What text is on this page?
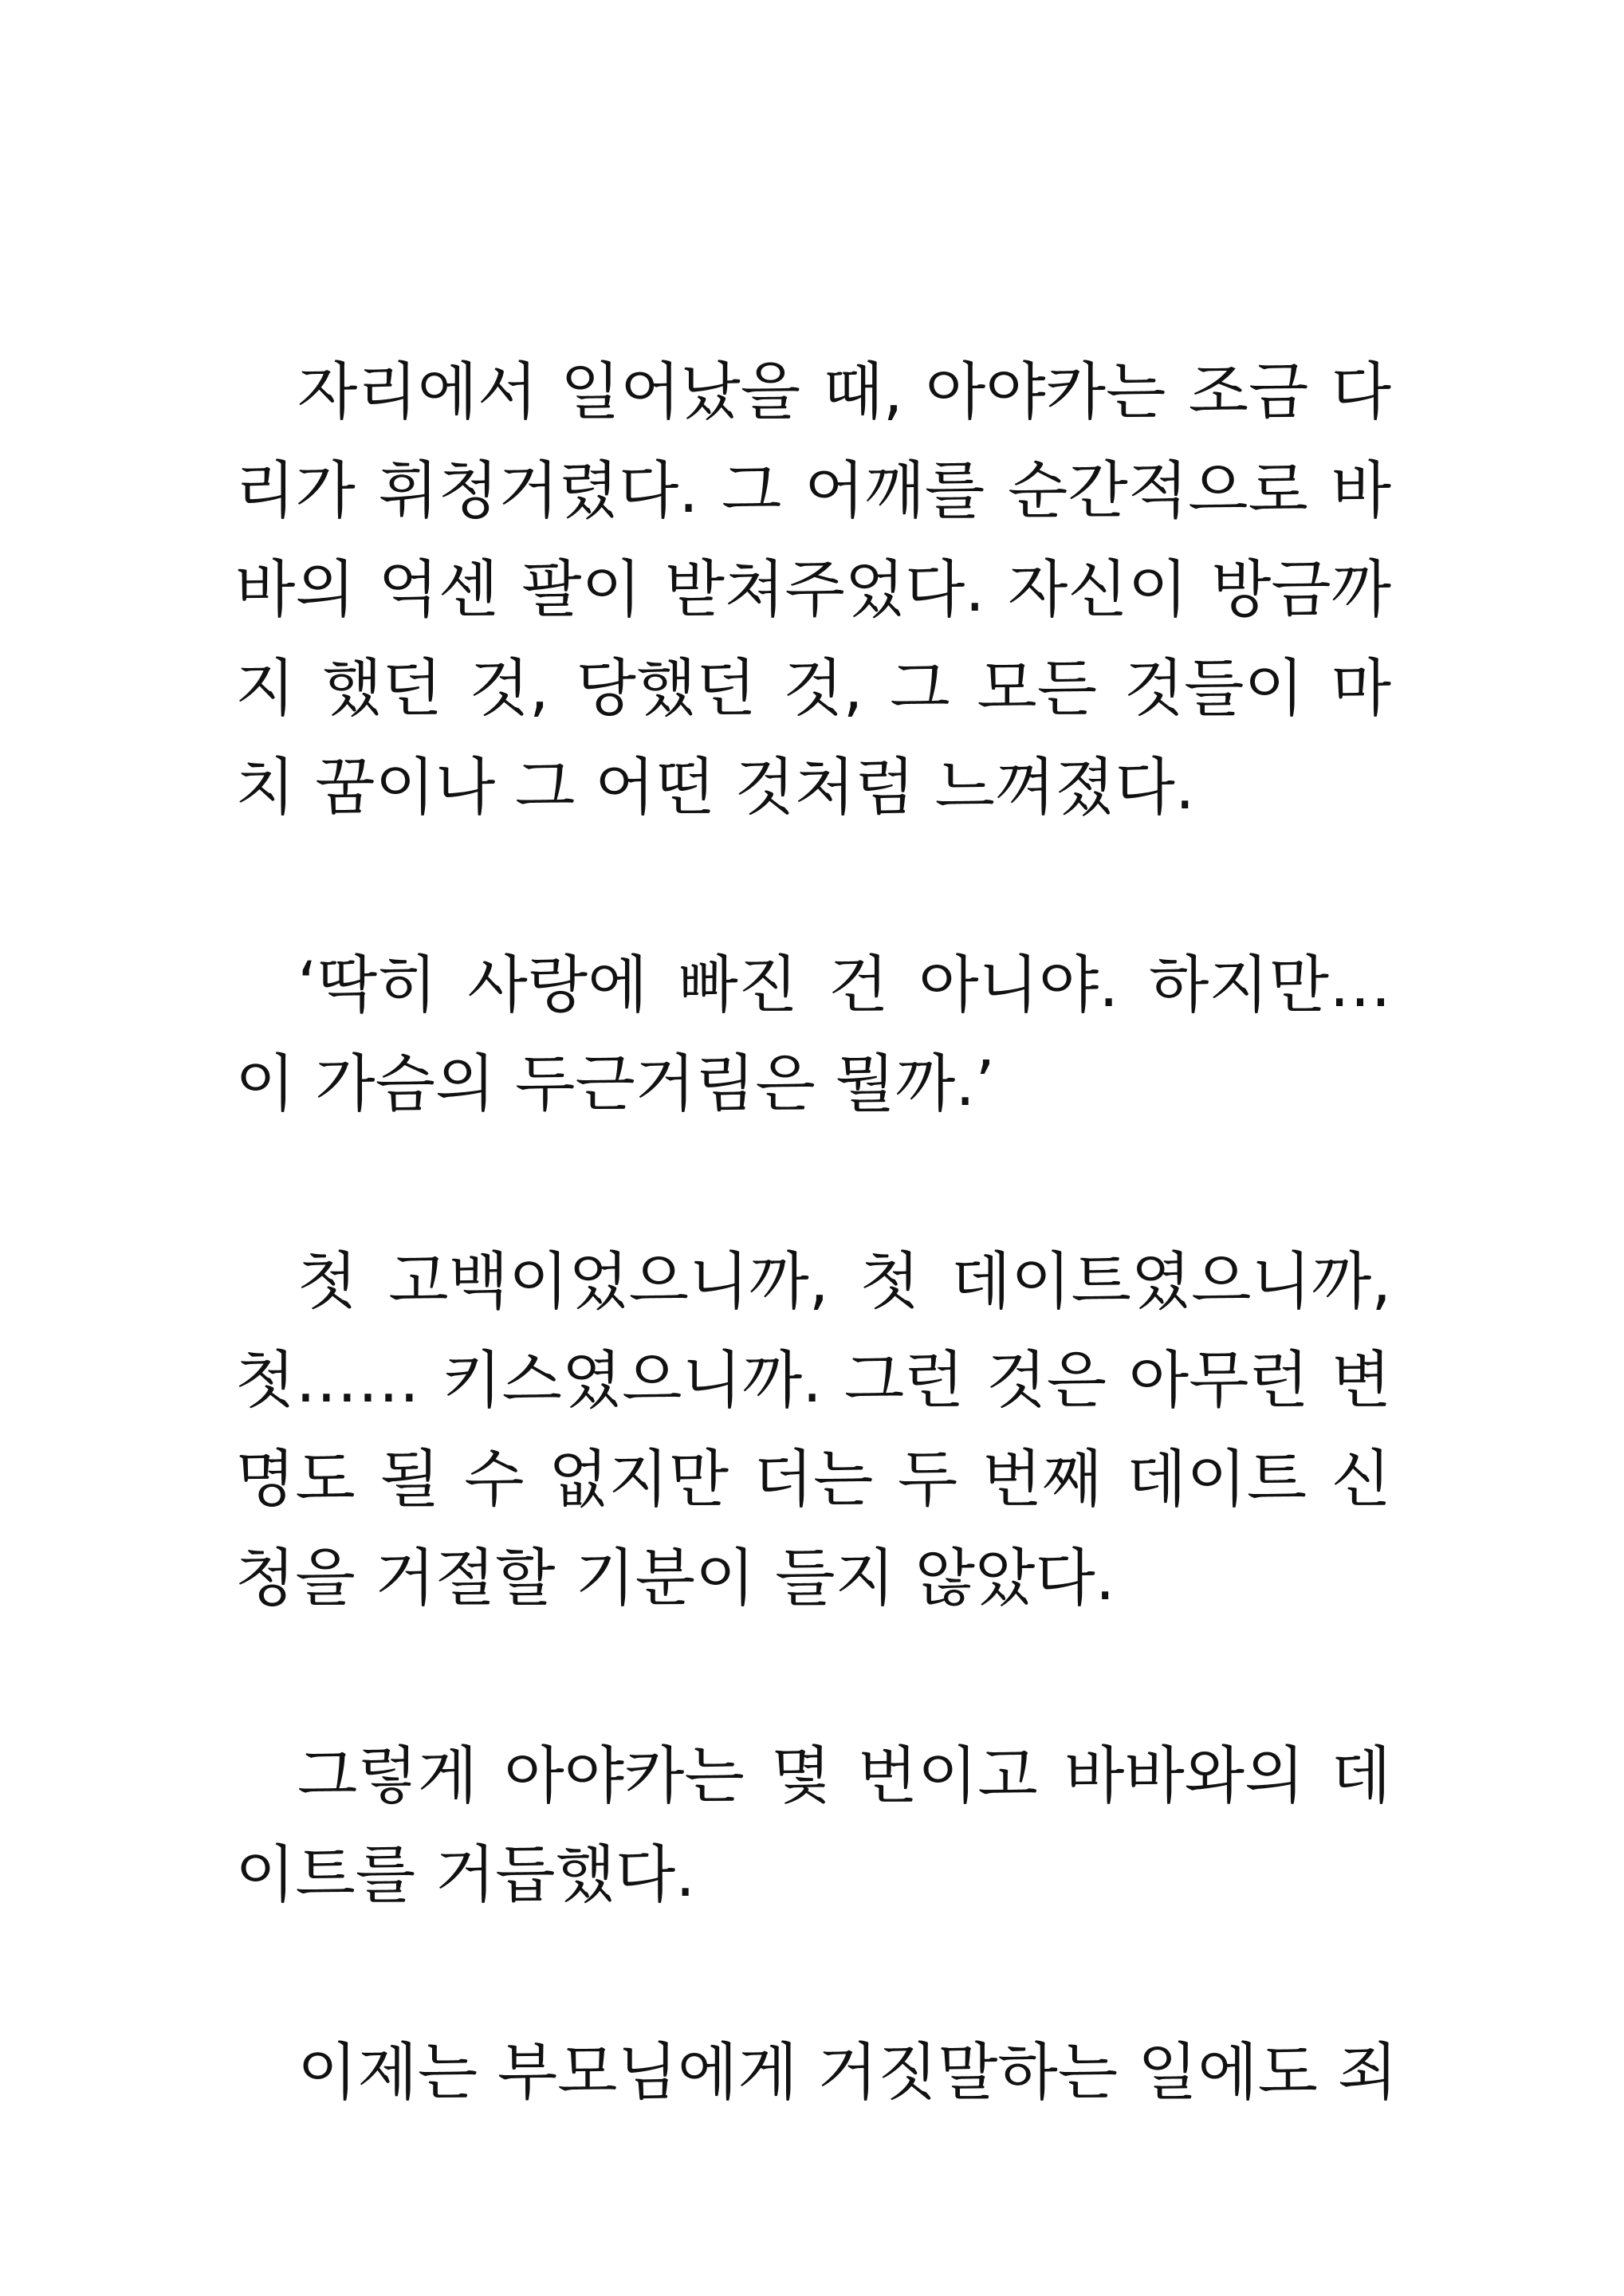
자리에서 일어났을 때, 아야카는 조금 다
리가 휘청거렸다. 그 어깨를 순간적으로 바
바의 억센 팔이 받쳐주었다. 자신이 방금까
지 했던 것, 당했던 것, 그 모든 것들이 마
치 꿈이나 그 어떤 것처럼 느껴졌다.

‘딱히 사랑에 빠진 건 아니야. 하지만…
이 가슴의 두근거림은 뭘까.’

첫 고백이었으니까, 첫 데이트였으니까,
첫…… 키스였으니까. 그런 것은 아무런 변
명도 될 수 없지만 더는 두 번째 데이트 신
청을 거절할 기분이 들지 않았다.

그렇게 아야카는 몇 번이고 바바와의 데
이트를 거듭했다.

이제는 부모님에게 거짓말하는 일에도 죄
